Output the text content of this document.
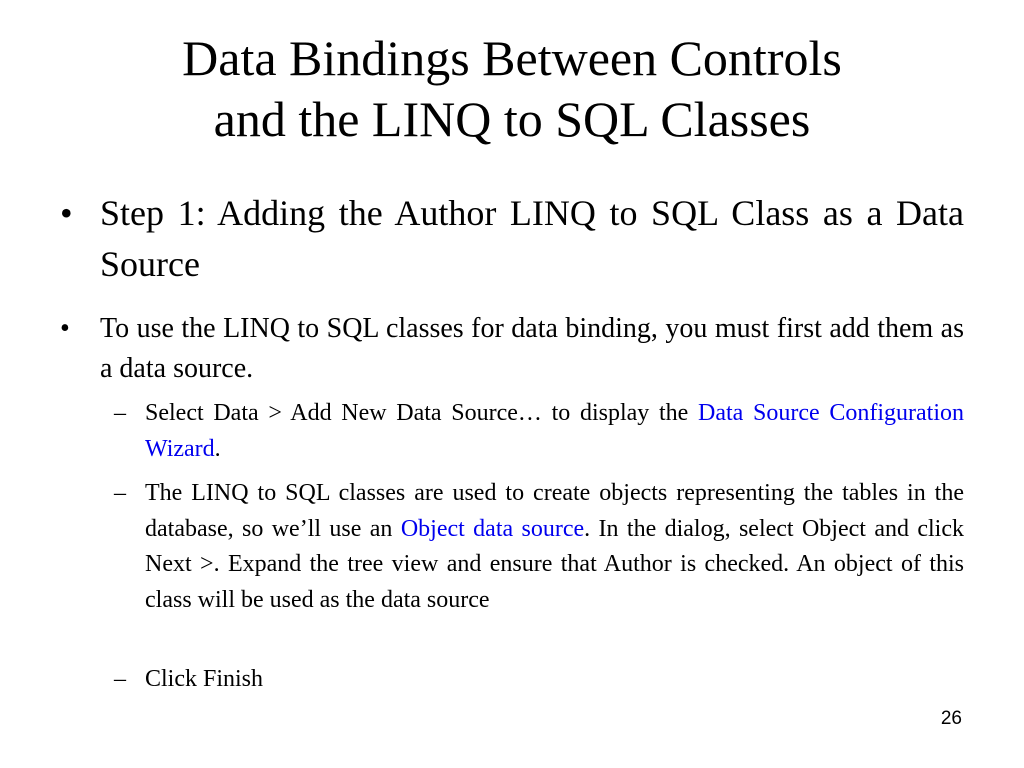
Data Bindings Between Controls
and the LINQ to SQL Classes
• Step 1: Adding the Author LINQ to SQL Class as a Data Source
•	To use the LINQ to SQL classes for data binding, you must first add them as a data source.
– Select Data > Add New Data Source… to display the Data Source Configuration Wizard.
– The LINQ to SQL classes are used to create objects representing the tables in the database, so we’ll use an Object data source. In the dialog, select Object and click Next >. Expand the tree view and ensure that Author is checked. An object of this class will be used as the data source
– Click Finish
26
